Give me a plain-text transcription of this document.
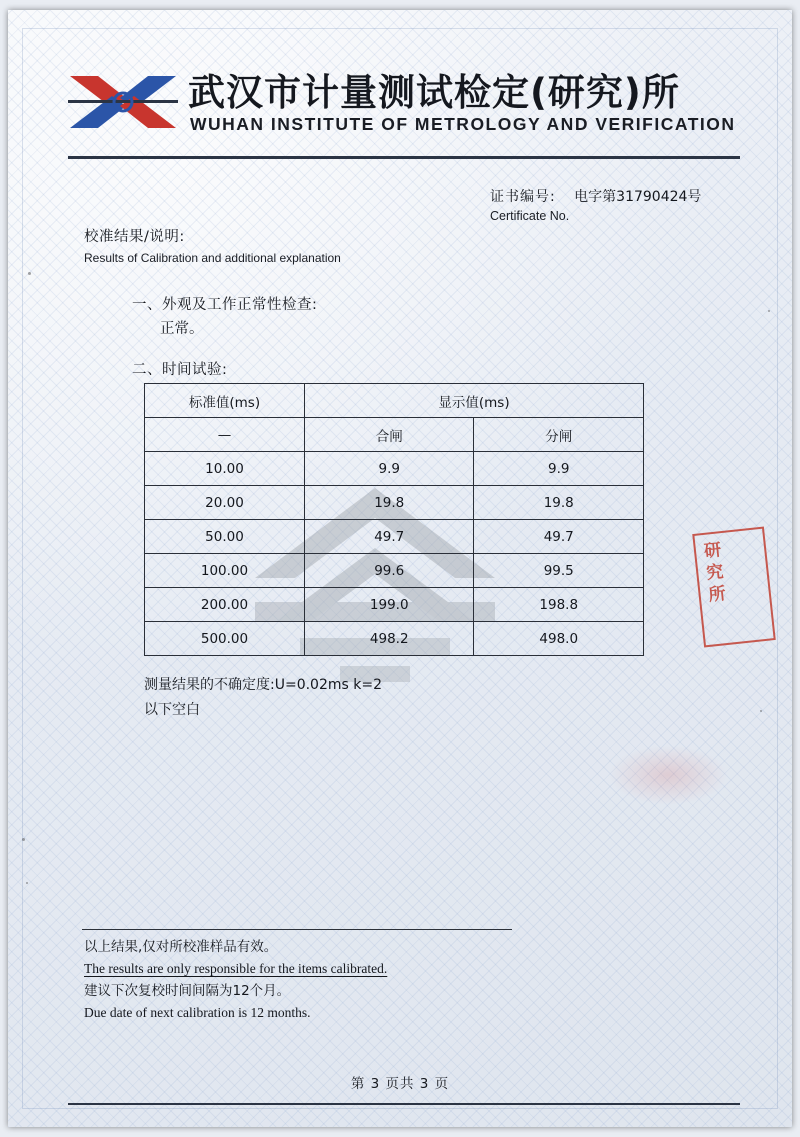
武汉市计量测试检定(研究)所
WUHAN INSTITUTE OF METROLOGY AND VERIFICATION
证书编号: 电字第31790424号
Certificate No.
校准结果/说明:
Results of Calibration and additional explanation
一、外观及工作正常性检查:
正常。
二、时间试验:
标准值(ms)	显示值(ms)	
—	合闸	分闸
10.00	9.9	9.9
20.00	19.8	19.8
50.00	49.7	49.7
100.00	99.6	99.5
200.00	199.0	198.8
500.00	498.2	498.0
测量结果的不确定度:U=0.02ms k=2
以下空白
研究所
以上结果,仅对所校准样品有效。
The results are only responsible for the items calibrated.
建议下次复校时间间隔为12个月。
Due date of next calibration is 12 months.
第 3 页共 3 页
